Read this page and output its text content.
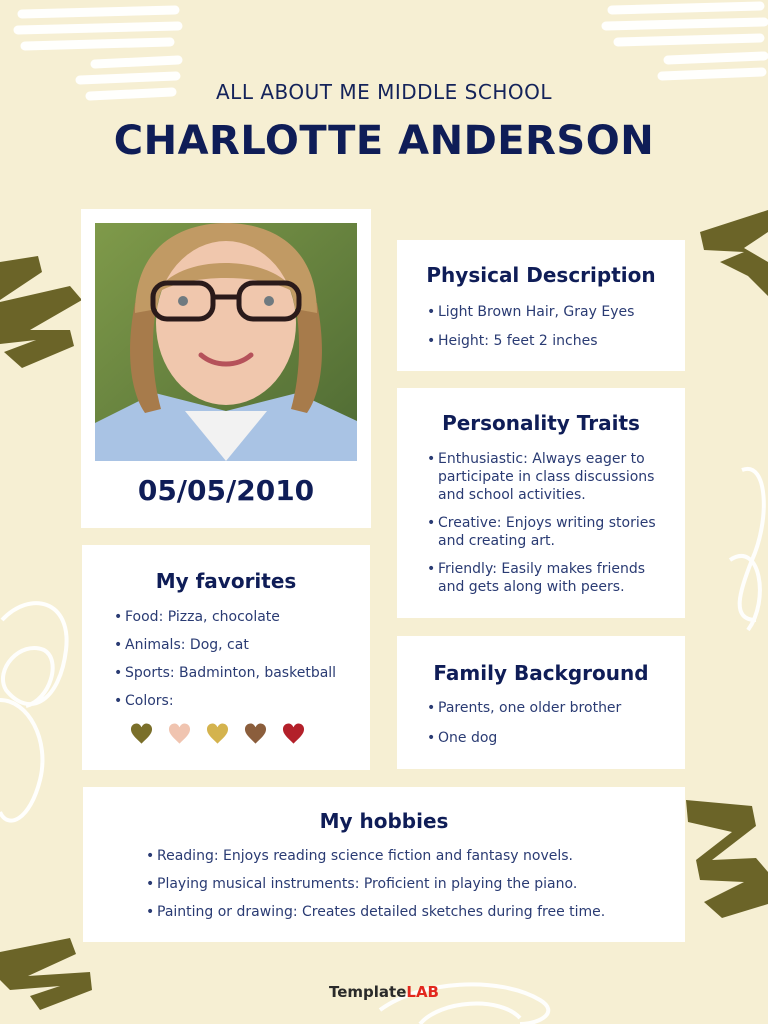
ALL ABOUT ME MIDDLE SCHOOL
CHARLOTTE ANDERSON
05/05/2010
Physical Description
• Light Brown Hair, Gray Eyes
• Height: 5 feet 2 inches
Personality Traits
• Enthusiastic: Always eager to participate in class discussions and school activities.
• Creative: Enjoys writing stories and creating art.
• Friendly: Easily makes friends and gets along with peers.
My favorites
• Food: Pizza, chocolate
• Animals: Dog, cat
• Sports: Badminton, basketball
• Colors:
Family Background
• Parents, one older brother
• One dog
My hobbies
• Reading: Enjoys reading science fiction and fantasy novels.
• Playing musical instruments: Proficient in playing the piano.
• Painting or drawing: Creates detailed sketches during free time.
TemplateLAB
